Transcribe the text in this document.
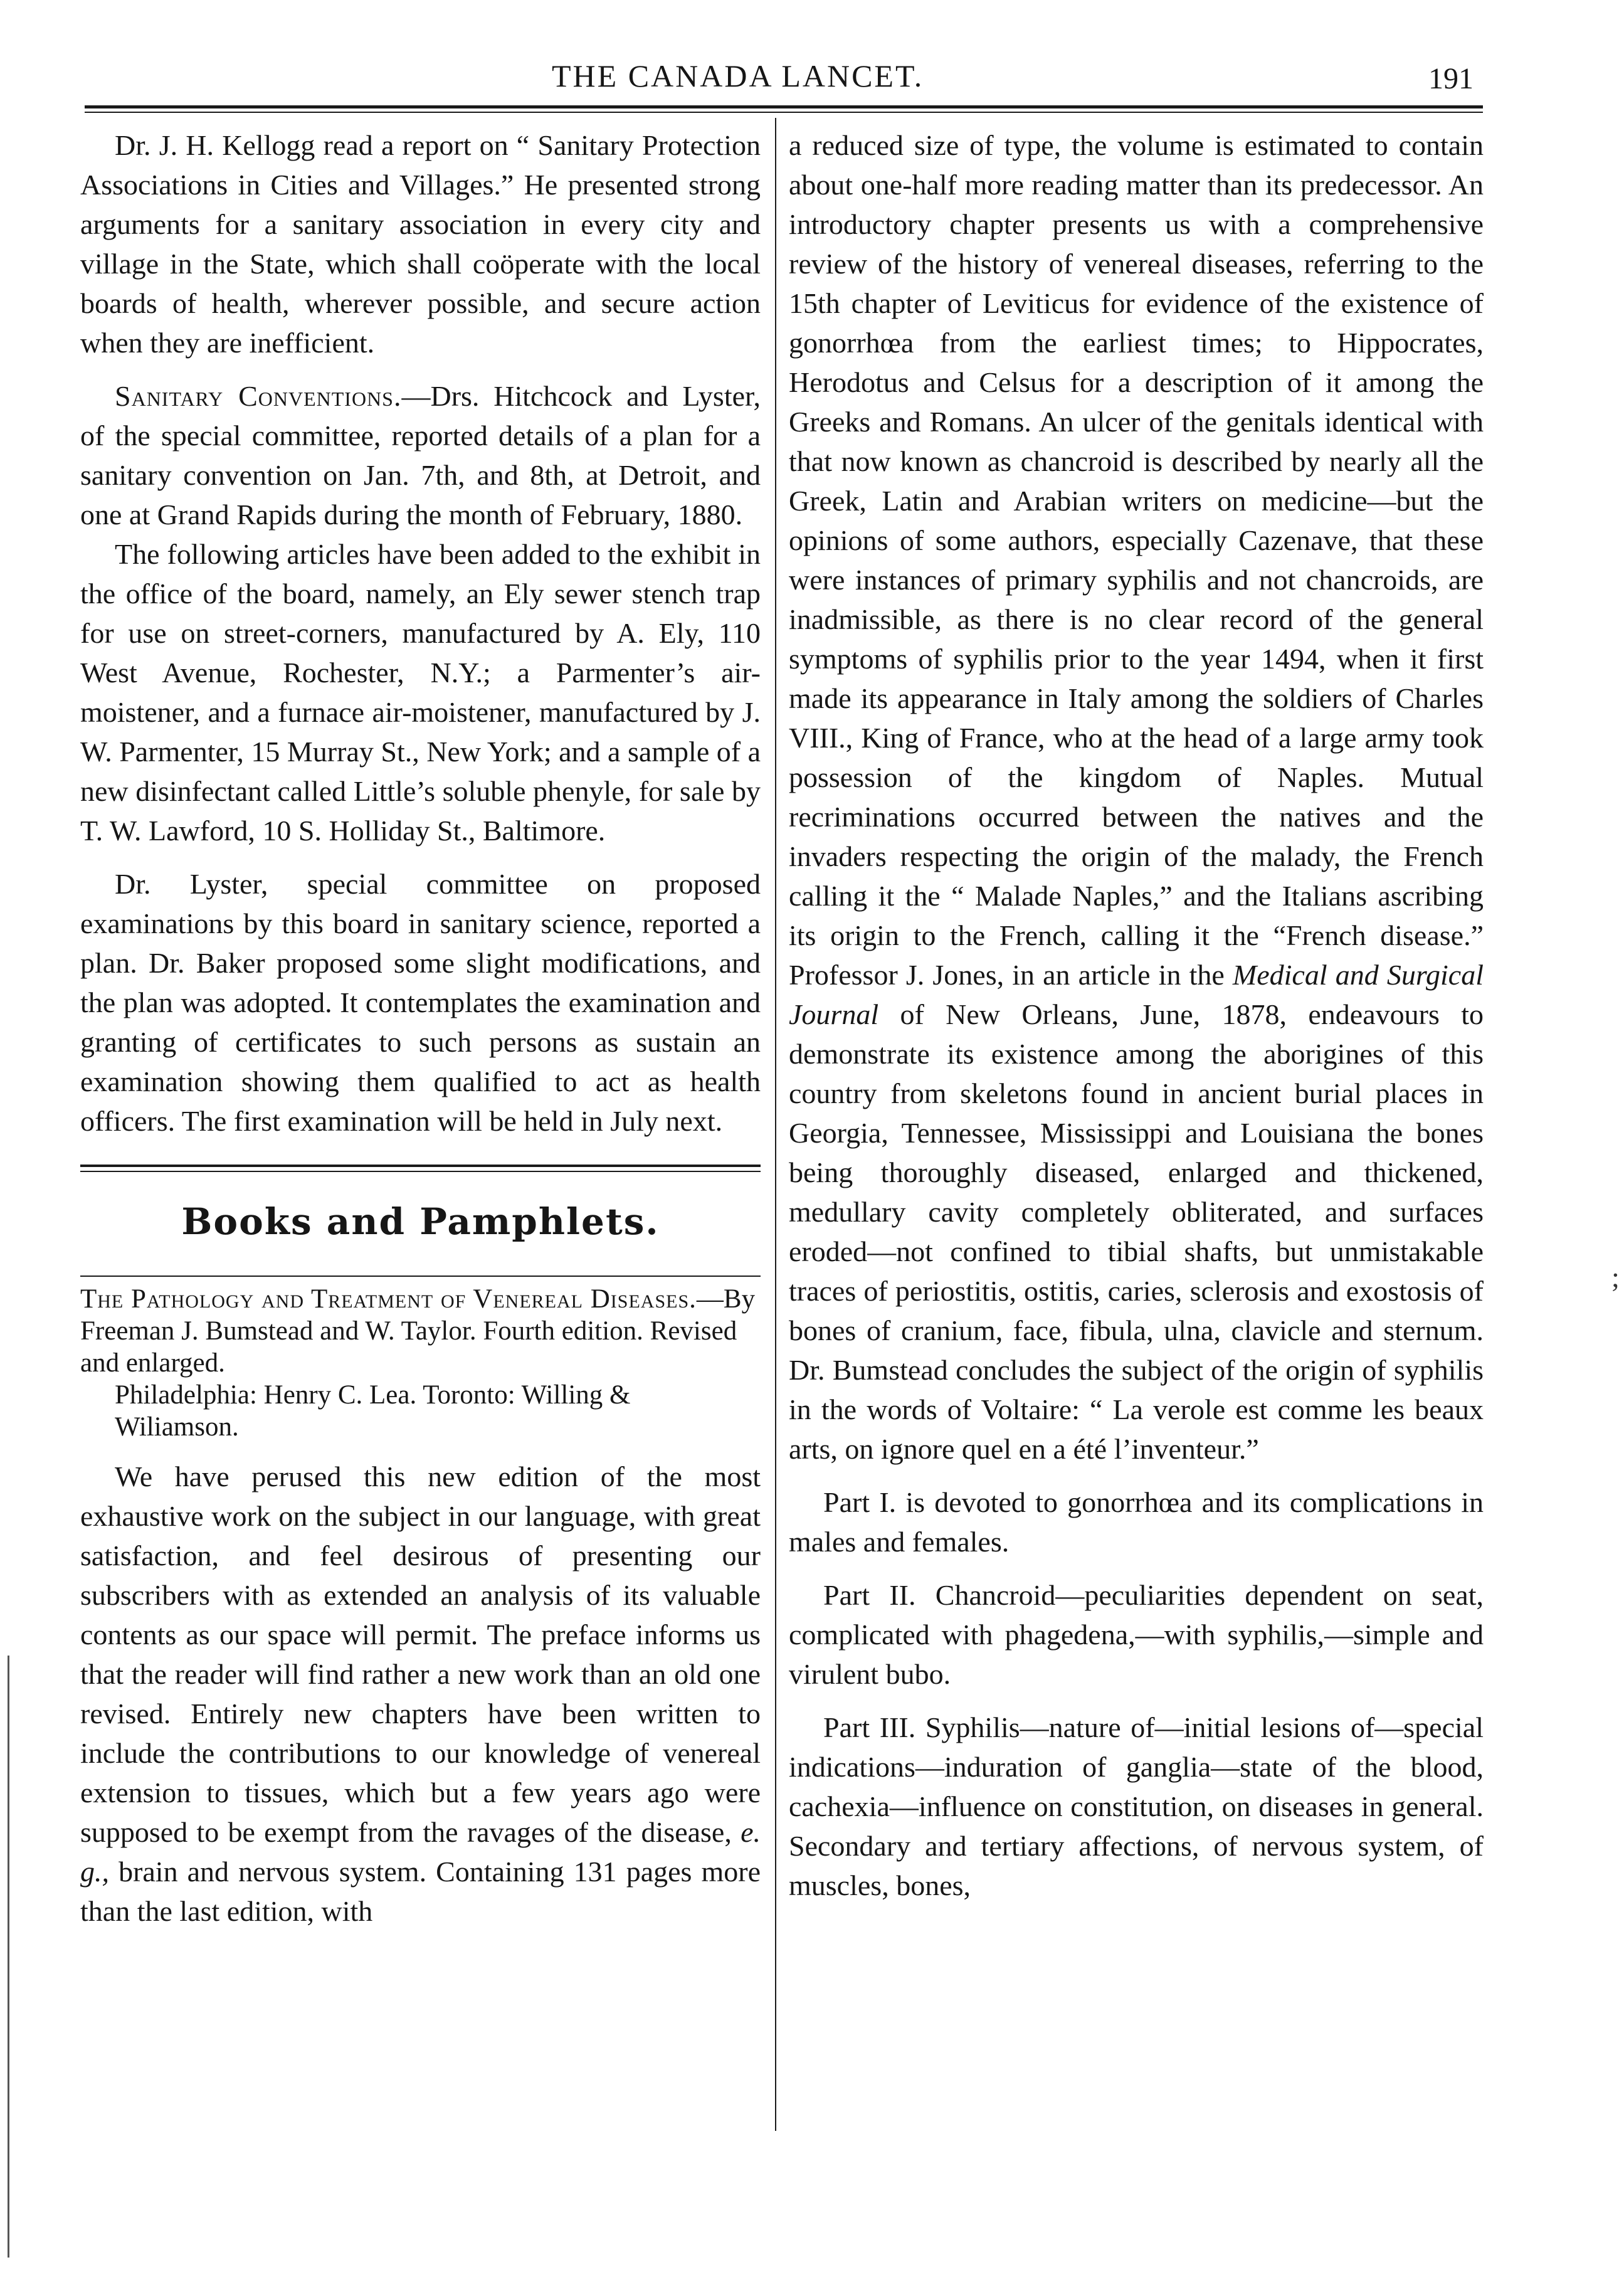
THE CANADA LANCET.	191

Dr. J. H. Kellogg read a report on “ Sanitary Protection Associations in Cities and Villages.” He presented strong arguments for a sanitary association in every city and village in the State, which shall coöperate with the local boards of health, wherever possible, and secure action when they are inefficient.

Sanitary Conventions.—Drs. Hitchcock and Lyster, of the special committee, reported details of a plan for a sanitary convention on Jan. 7th, and 8th, at Detroit, and one at Grand Rapids during the month of February, 1880.

The following articles have been added to the exhibit in the office of the board, namely, an Ely sewer stench trap for use on street-corners, manufactured by A. Ely, 110 West Avenue, Rochester, N.Y.; a Parmenter’s air-moistener, and a furnace air-moistener, manufactured by J. W. Parmenter, 15 Murray St., New York; and a sample of a new disinfectant called Little’s soluble phenyle, for sale by T. W. Lawford, 10 S. Holliday St., Baltimore.

Dr. Lyster, special committee on proposed examinations by this board in sanitary science, reported a plan. Dr. Baker proposed some slight modifications, and the plan was adopted. It contemplates the examination and granting of certificates to such persons as sustain an examination showing them qualified to act as health officers. The first examination will be held in July next.

Books and Pamphlets.
The Pathology and Treatment of Venereal Diseases.—By Freeman J. Bumstead and W. Taylor. Fourth edition. Revised and enlarged.
Philadelphia: Henry C. Lea. Toronto: Willing & Wiliamson.

We have perused this new edition of the most exhaustive work on the subject in our language, with great satisfaction, and feel desirous of presenting our subscribers with as extended an analysis of its valuable contents as our space will permit. The preface informs us that the reader will find rather a new work than an old one revised. Entirely new chapters have been written to include the contributions to our knowledge of venereal extension to tissues, which but a few years ago were supposed to be exempt from the ravages of the disease, e. g., brain and nervous system. Containing 131 pages more than the last edition, with

a reduced size of type, the volume is estimated to contain about one-half more reading matter than its predecessor. An introductory chapter presents us with a comprehensive review of the history of venereal diseases, referring to the 15th chapter of Leviticus for evidence of the existence of gonorrhœa from the earliest times; to Hippocrates, Herodotus and Celsus for a description of it among the Greeks and Romans. An ulcer of the genitals identical with that now known as chancroid is described by nearly all the Greek, Latin and Arabian writers on medicine—but the opinions of some authors, especially Cazenave, that these were instances of primary syphilis and not chancroids, are inadmissible, as there is no clear record of the general symptoms of syphilis prior to the year 1494, when it first made its appearance in Italy among the soldiers of Charles VIII., King of France, who at the head of a large army took possession of the kingdom of Naples. Mutual recriminations occurred between the natives and the invaders respecting the origin of the malady, the French calling it the “ Malade Naples,” and the Italians ascribing its origin to the French, calling it the “French disease.” Professor J. Jones, in an article in the Medical and Surgical Journal of New Orleans, June, 1878, endeavours to demonstrate its existence among the aborigines of this country from skeletons found in ancient burial places in Georgia, Tennessee, Mississippi and Louisiana the bones being thoroughly diseased, enlarged and thickened, medullary cavity completely obliterated, and surfaces eroded—not confined to tibial shafts, but unmistakable traces of periostitis, ostitis, caries, sclerosis and exostosis of bones of cranium, face, fibula, ulna, clavicle and sternum. Dr. Bumstead concludes the subject of the origin of syphilis in the words of Voltaire: “ La verole est comme les beaux arts, on ignore quel en a été l’inventeur.”

Part I. is devoted to gonorrhœa and its complications in males and females.

Part II. Chancroid—peculiarities dependent on seat, complicated with phagedena,—with syphilis,—simple and virulent bubo.

Part III. Syphilis—nature of—initial lesions of—special indications—induration of ganglia—state of the blood, cachexia—influence on constitution, on diseases in general. Secondary and tertiary affections, of nervous system, of muscles, bones,

;
